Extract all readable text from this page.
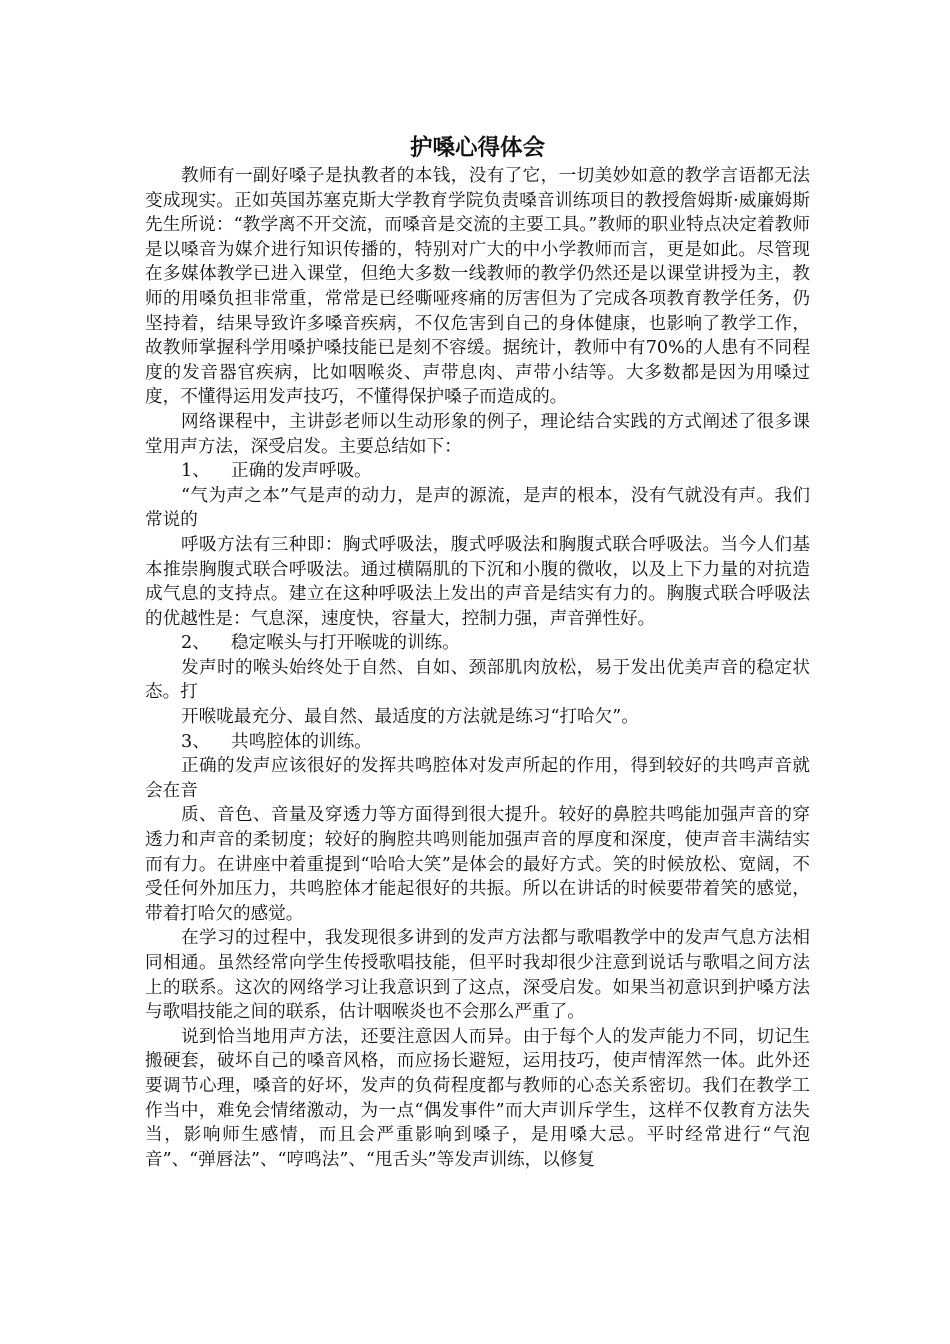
护嗓心得体会

教师有一副好嗓子是执教者的本钱，没有了它，一切美妙如意的教学言语都无法变成现实。正如英国苏塞克斯大学教育学院负责嗓音训练项目的教授詹姆斯·威廉姆斯先生所说：“教学离不开交流，而嗓音是交流的主要工具。”教师的职业特点决定着教师是以嗓音为媒介进行知识传播的，特别对广大的中小学教师而言，更是如此。尽管现在多媒体教学已进入课堂，但绝大多数一线教师的教学仍然还是以课堂讲授为主，教师的用嗓负担非常重，常常是已经嘶哑疼痛的厉害但为了完成各项教育教学任务，仍坚持着，结果导致许多嗓音疾病，不仅危害到自己的身体健康，也影响了教学工作，故教师掌握科学用嗓护嗓技能已是刻不容缓。据统计，教师中有70%的人患有不同程度的发音器官疾病，比如咽喉炎、声带息肉、声带小结等。大多数都是因为用嗓过度，不懂得运用发声技巧，不懂得保护嗓子而造成的。

网络课程中，主讲彭老师以生动形象的例子，理论结合实践的方式阐述了很多课堂用声方法，深受启发。主要总结如下：

1、 正确的发声呼吸。

“气为声之本”气是声的动力，是声的源流，是声的根本，没有气就没有声。我们常说的

呼吸方法有三种即：胸式呼吸法，腹式呼吸法和胸腹式联合呼吸法。当今人们基本推崇胸腹式联合呼吸法。通过横隔肌的下沉和小腹的微收，以及上下力量的对抗造成气息的支持点。建立在这种呼吸法上发出的声音是结实有力的。胸腹式联合呼吸法的优越性是：气息深，速度快，容量大，控制力强，声音弹性好。

2、 稳定喉头与打开喉咙的训练。

发声时的喉头始终处于自然、自如、颈部肌肉放松，易于发出优美声音的稳定状态。打

开喉咙最充分、最自然、最适度的方法就是练习“打哈欠”。

3、 共鸣腔体的训练。

正确的发声应该很好的发挥共鸣腔体对发声所起的作用，得到较好的共鸣声音就会在音

质、音色、音量及穿透力等方面得到很大提升。较好的鼻腔共鸣能加强声音的穿透力和声音的柔韧度；较好的胸腔共鸣则能加强声音的厚度和深度，使声音丰满结实而有力。在讲座中着重提到“哈哈大笑”是体会的最好方式。笑的时候放松、宽阔，不受任何外加压力，共鸣腔体才能起很好的共振。所以在讲话的时候要带着笑的感觉，带着打哈欠的感觉。

在学习的过程中，我发现很多讲到的发声方法都与歌唱教学中的发声气息方法相同相通。虽然经常向学生传授歌唱技能，但平时我却很少注意到说话与歌唱之间方法上的联系。这次的网络学习让我意识到了这点，深受启发。如果当初意识到护嗓方法与歌唱技能之间的联系，估计咽喉炎也不会那么严重了。

说到恰当地用声方法，还要注意因人而异。由于每个人的发声能力不同，切记生搬硬套，破坏自己的嗓音风格，而应扬长避短，运用技巧，使声情浑然一体。此外还要调节心理，嗓音的好坏，发声的负荷程度都与教师的心态关系密切。我们在教学工作当中，难免会情绪激动，为一点“偶发事件”而大声训斥学生，这样不仅教育方法失当，影响师生感情，而且会严重影响到嗓子，是用嗓大忌。平时经常进行“气泡音”、“弹唇法”、“哼鸣法”、“甩舌头”等发声训练，以修复
